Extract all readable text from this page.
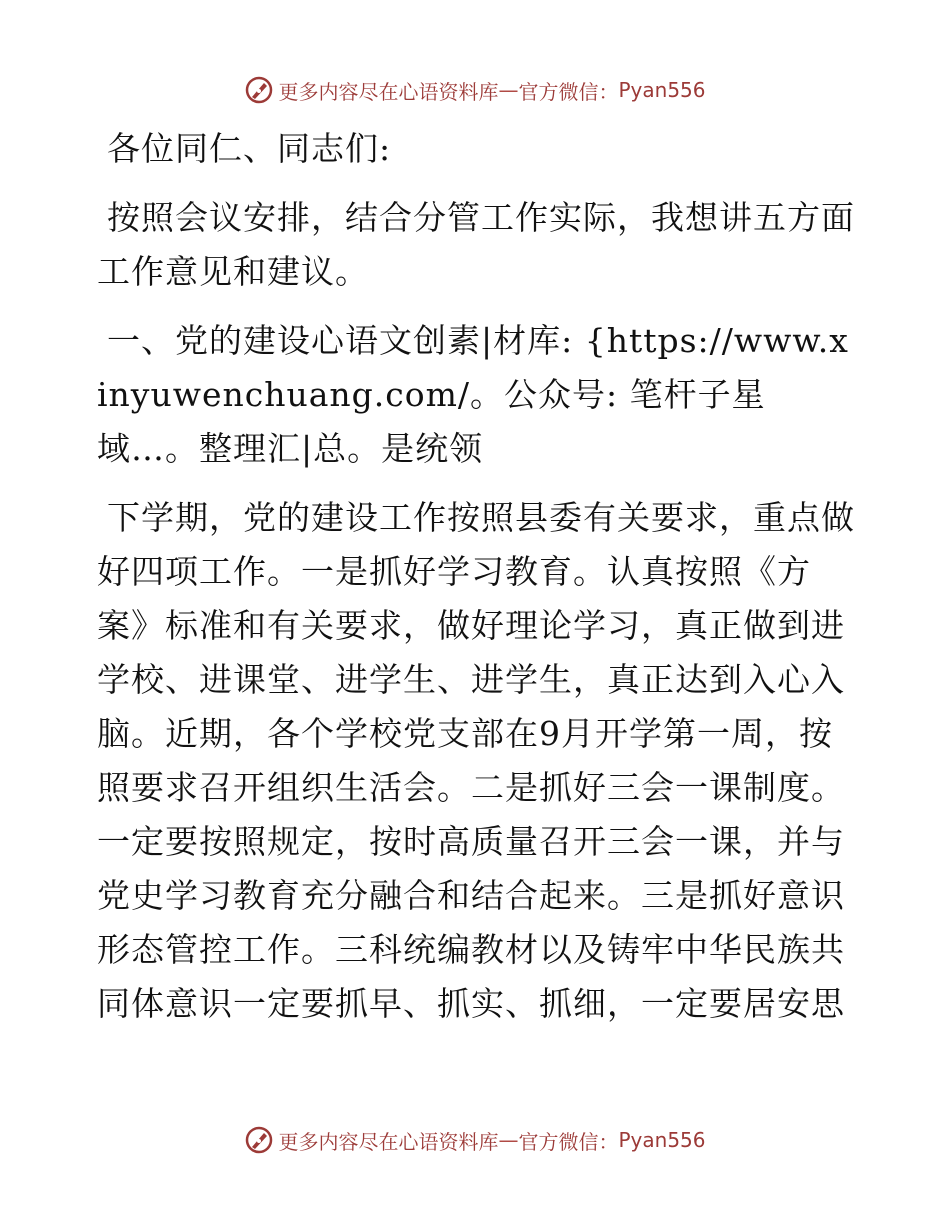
更多内容尽在心语资料库 — 官方微信： Pyan556

各位同仁、同志们:

按照会议安排，结合分管工作实际，我想讲五方面工作意见和建议。

一、党的建设心语文创素|材库: {https://www.xinyuwenchuang.com/。公众号: 笔杆子星域…。整理汇|总。是统领

下学期，党的建设工作按照县委有关要求，重点做好四项工作。一是抓好学习教育。认真按照《方案》标准和有关要求，做好理论学习，真正做到进学校、进课堂、进学生、进学生，真正达到入心入脑。近期，各个学校党支部在9月开学第一周，按照要求召开组织生活会。二是抓好三会一课制度。一定要按照规定，按时高质量召开三会一课，并与党史学习教育充分融合和结合起来。三是抓好意识形态管控工作。三科统编教材以及铸牢中华民族共同体意识一定要抓早、抓实、抓细，一定要居安思

更多内容尽在心语资料库 — 官方微信： Pyan556
